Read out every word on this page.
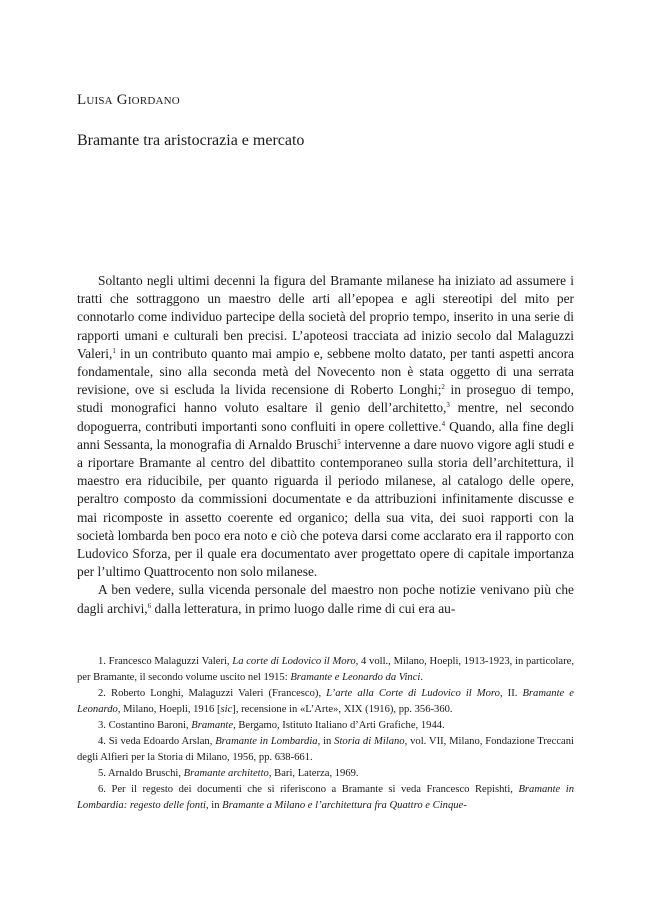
Luisa Giordano
Bramante tra aristocrazia e mercato

Soltanto negli ultimi decenni la figura del Bramante milanese ha iniziato ad assumere i tratti che sottraggono un maestro delle arti all’epopea e agli stereotipi del mito per connotarlo come individuo partecipe della società del proprio tempo, inserito in una serie di rapporti umani e culturali ben precisi. L’apoteosi tracciata ad inizio secolo dal Malaguzzi Valeri,$^1$ in un contributo quanto mai ampio e, sebbene molto datato, per tanti aspetti ancora fondamentale, sino alla seconda metà del Novecento non è stata oggetto di una serrata revisione, ove si escluda la livida recensione di Roberto Longhi;$^2$ in proseguo di tempo, studi monografici hanno voluto esaltare il genio dell’architetto,$^3$ mentre, nel secondo dopoguerra, contributi importanti sono confluiti in opere collettive.$^4$ Quando, alla fine degli anni Sessanta, la monografia di Arnaldo Bruschi$^5$ intervenne a dare nuovo vigore agli studi e a riportare Bramante al centro del dibattito contemporaneo sulla storia dell’architettura, il maestro era riducibile, per quanto riguarda il periodo milanese, al catalogo delle opere, peraltro composto da commissioni documentate e da attribuzioni infinitamente discusse e mai ricomposte in assetto coerente ed organico; della sua vita, dei suoi rapporti con la società lombarda ben poco era noto e ciò che poteva darsi come acclarato era il rapporto con Ludovico Sforza, per il quale era documentato aver progettato opere di capitale importanza per l’ultimo Quattrocento non solo milanese.

A ben vedere, sulla vicenda personale del maestro non poche notizie venivano più che dagli archivi,$^6$ dalla letteratura, in primo luogo dalle rime di cui era au-

1. Francesco Malaguzzi Valeri, La corte di Lodovico il Moro, 4 voll., Milano, Hoepli, 1913-1923, in particolare, per Bramante, il secondo volume uscito nel 1915: Bramante e Leonardo da Vinci.

2. Roberto Longhi, Malaguzzi Valeri (Francesco), L’arte alla Corte di Ludovico il Moro, II. Bramante e Leonardo, Milano, Hoepli, 1916 [sic], recensione in «L’Arte», XIX (1916), pp. 356-360.

3. Costantino Baroni, Bramante, Bergamo, Istituto Italiano d’Arti Grafiche, 1944.

4. Si veda Edoardo Arslan, Bramante in Lombardia, in Storia di Milano, vol. VII, Milano, Fondazione Treccani degli Alfieri per la Storia di Milano, 1956, pp. 638-661.

5. Arnaldo Bruschi, Bramante architetto, Bari, Laterza, 1969.

6. Per il regesto dei documenti che si riferiscono a Bramante si veda Francesco Repishti, Bramante in Lombardia: regesto delle fonti, in Bramante a Milano e l’architettura fra Quattro e Cinque-
